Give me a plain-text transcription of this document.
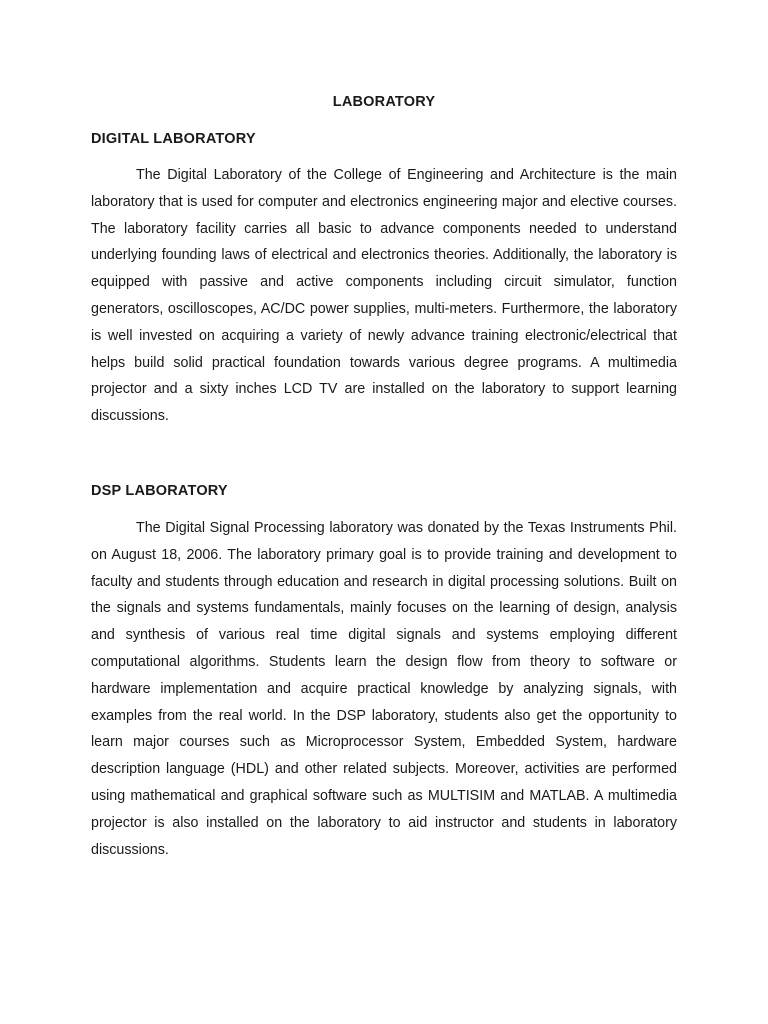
LABORATORY
DIGITAL LABORATORY

The Digital Laboratory of the College of Engineering and Architecture is the main laboratory that is used for computer and electronics engineering major and elective courses. The laboratory facility carries all basic to advance components needed to understand underlying founding laws of electrical and electronics theories. Additionally, the laboratory is equipped with passive and active components including circuit simulator, function generators, oscilloscopes, AC/DC power supplies, multi-meters. Furthermore, the laboratory is well invested on acquiring a variety of newly advance training electronic/electrical that helps build solid practical foundation towards various degree programs. A multimedia projector and a sixty inches LCD TV are installed on the laboratory to support learning discussions.

DSP LABORATORY

The Digital Signal Processing laboratory was donated by the Texas Instruments Phil. on August 18, 2006. The laboratory primary goal is to provide training and development to faculty and students through education and research in digital processing solutions. Built on the signals and systems fundamentals, mainly focuses on the learning of design, analysis and synthesis of various real time digital signals and systems employing different computational algorithms. Students learn the design flow from theory to software or hardware implementation and acquire practical knowledge by analyzing signals, with examples from the real world. In the DSP laboratory, students also get the opportunity to learn major courses such as Microprocessor System, Embedded System, hardware description language (HDL) and other related subjects. Moreover, activities are performed using mathematical and graphical software such as MULTISIM and MATLAB. A multimedia projector is also installed on the laboratory to aid instructor and students in laboratory discussions.
